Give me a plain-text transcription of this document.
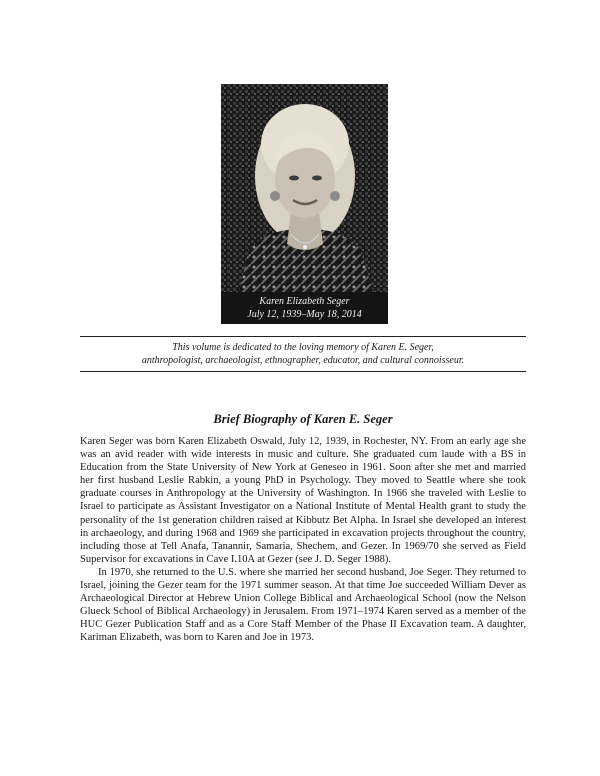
Karen Elizabeth Seger
July 12, 1939–May 18, 2014
This volume is dedicated to the loving memory of Karen E. Seger,
anthropologist, archaeologist, ethnographer, educator, and cultural connoisseur.
Brief Biography of Karen E. Seger

Karen Seger was born Karen Elizabeth Oswald, July 12, 1939, in Rochester, NY. From an early age she was an avid reader with wide interests in music and culture. She graduated cum laude with a BS in Education from the State University of New York at Geneseo in 1961. Soon after she met and married her first husband Leslie Rabkin, a young PhD in Psychology. They moved to Seattle where she took graduate courses in Anthropology at the University of Washington. In 1966 she traveled with Leslie to Israel to participate as Assistant Investigator on a National Institute of Mental Health grant to study the personality of the 1st generation children raised at Kibbutz Bet Alpha. In Israel she developed an interest in archaeology, and during 1968 and 1969 she participated in excavation projects throughout the country, including those at Tell Anafa, Tanannir, Samaria, Shechem, and Gezer. In 1969/70 she served as Field Supervisor for excavations in Cave I.10A at Gezer (see J. D. Seger 1988).

In 1970, she returned to the U.S. where she married her second husband, Joe Seger. They returned to Israel, joining the Gezer team for the 1971 summer season. At that time Joe succeeded William Dever as Archaeological Director at Hebrew Union College Biblical and Archaeological School (now the Nelson Glueck School of Biblical Archaeology) in Jerusalem. From 1971–1974 Karen served as a member of the HUC Gezer Publication Staff and as a Core Staff Member of the Phase II Excavation team. A daughter, Kariman Elizabeth, was born to Karen and Joe in 1973.
